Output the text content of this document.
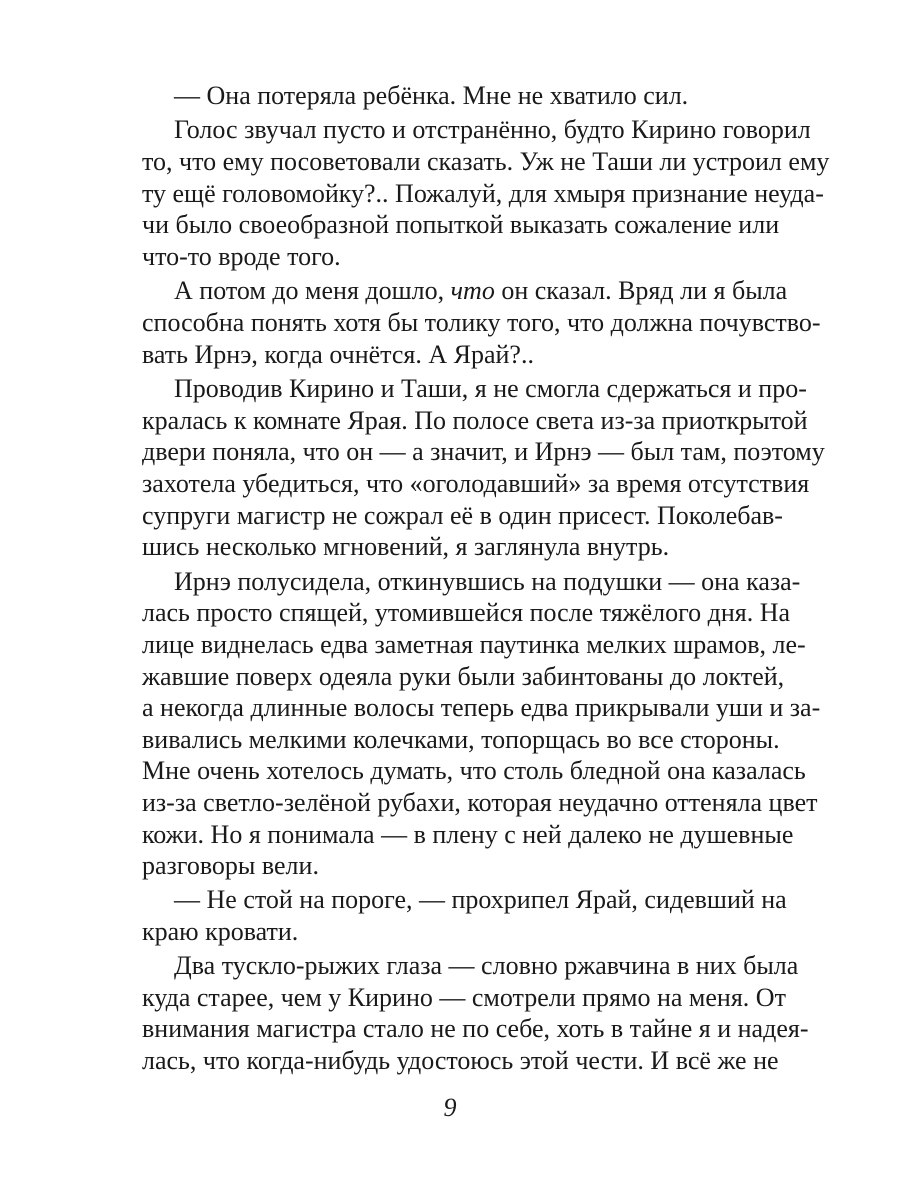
— Она потеряла ребёнка. Мне не хватило сил.
Голос звучал пусто и отстранённо, будто Кирино говорил
то, что ему посоветовали сказать. Уж не Таши ли устроил ему
ту ещё головомойку?.. Пожалуй, для хмыря признание неуда-
чи было своеобразной попыткой выказать сожаление или
что-то вроде того.
А потом до меня дошло, что он сказал. Вряд ли я была
способна понять хотя бы толику того, что должна почувство-
вать Ирнэ, когда очнётся. А Ярай?..
Проводив Кирино и Таши, я не смогла сдержаться и про-
кралась к комнате Ярая. По полосе света из-за приоткрытой
двери поняла, что он — а значит, и Ирнэ — был там, поэтому
захотела убедиться, что «оголодавший» за время отсутствия
супруги магистр не сожрал её в один присест. Поколебав-
шись несколько мгновений, я заглянула внутрь.
Ирнэ полусидела, откинувшись на подушки — она каза-
лась просто спящей, утомившейся после тяжёлого дня. На
лице виднелась едва заметная паутинка мелких шрамов, ле-
жавшие поверх одеяла руки были забинтованы до локтей,
а некогда длинные волосы теперь едва прикрывали уши и за-
вивались мелкими колечками, топорщась во все стороны.
Мне очень хотелось думать, что столь бледной она казалась
из-за светло-зелёной рубахи, которая неудачно оттеняла цвет
кожи. Но я понимала — в плену с ней далеко не душевные
разговоры вели.
— Не стой на пороге, — прохрипел Ярай, сидевший на
краю кровати.
Два тускло-рыжих глаза — словно ржавчина в них была
куда старее, чем у Кирино — смотрели прямо на меня. От
внимания магистра стало не по себе, хоть в тайне я и надея-
лась, что когда-нибудь удостоюсь этой чести. И всё же не
9
